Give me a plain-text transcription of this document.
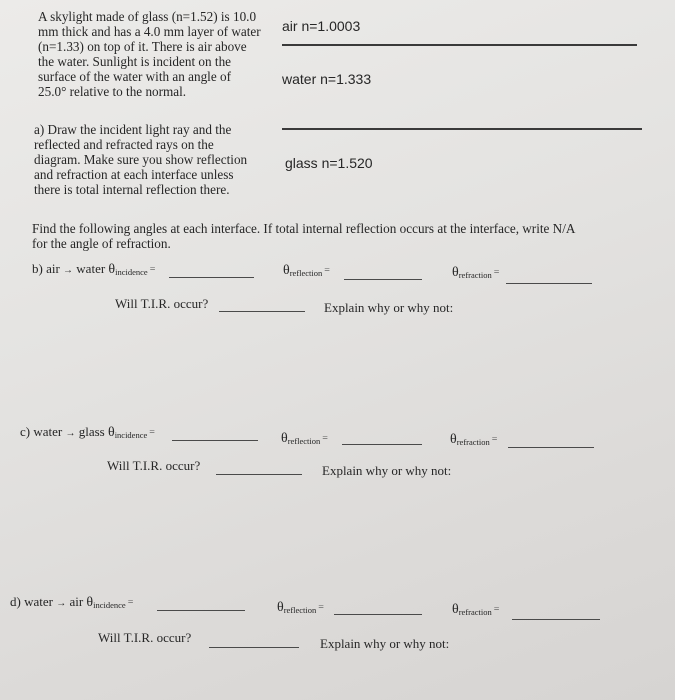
A skylight made of glass (n=1.52) is 10.0
mm thick and has a 4.0 mm layer of water
(n=1.33) on top of it. There is air above
the water. Sunlight is incident on the
surface of the water with an angle of
25.0° relative to the normal.
air n=1.0003
water n=1.333
glass n=1.520
a) Draw the incident light ray and the
reflected and refracted rays on the
diagram. Make sure you show reflection
and refraction at each interface unless
there is total internal reflection there.
Find the following angles at each interface. If total internal reflection occurs at the interface, write N/A
for the angle of refraction.
b) air → water θincidence =	θreflection =	θrefraction =
Will T.I.R. occur?	Explain why or why not:
c) water → glass θincidence =	θreflection =	θrefraction =
Will T.I.R. occur?	Explain why or why not:
d) water → air θincidence =	θreflection =	θrefraction =
Will T.I.R. occur?	Explain why or why not:
